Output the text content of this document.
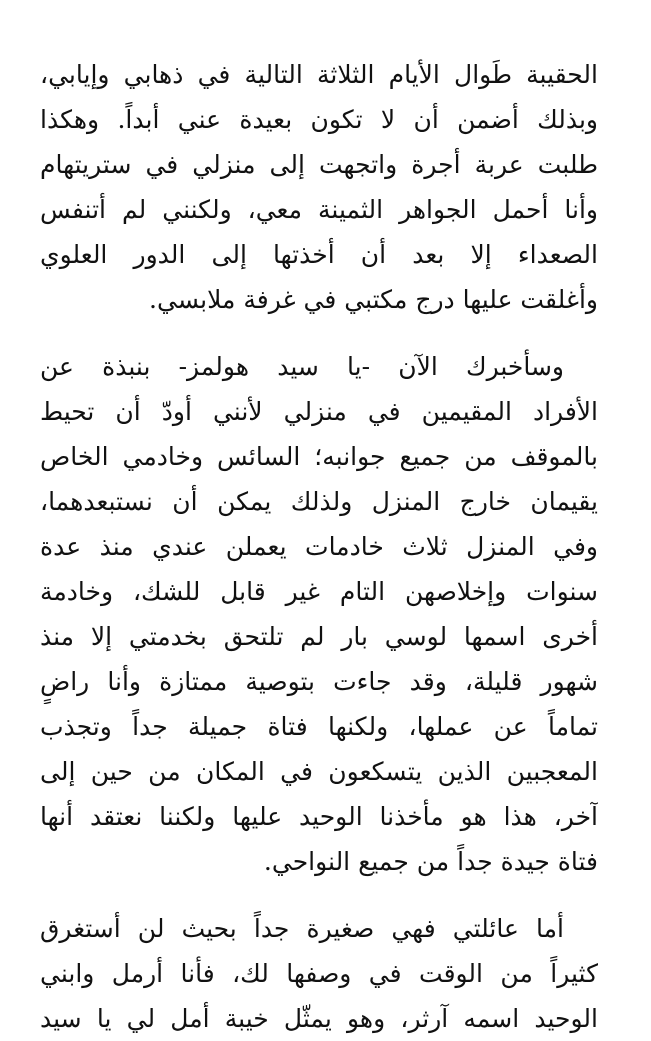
الحقيبة طَوال الأيام الثلاثة التالية في ذهابي وإيابي،
وبذلك أضمن أن لا تكون بعيدة عني أبداً. وهكذا
طلبت عربة أجرة واتجهت إلى منزلي في ستريتهام
وأنا أحمل الجواهر الثمينة معي، ولكنني لم أتنفس
الصعداء إلا بعد أن أخذتها إلى الدور العلوي
وأغلقت عليها درج مكتبي في غرفة ملابسي.
وسأخبرك الآن -يا سيد هولمز- بنبذة عن
الأفراد المقيمين في منزلي لأنني أودّ أن تحيط
بالموقف من جميع جوانبه؛ السائس وخادمي الخاص
يقيمان خارج المنزل ولذلك يمكن أن نستبعدهما،
وفي المنزل ثلاث خادمات يعملن عندي منذ عدة
سنوات وإخلاصهن التام غير قابل للشك، وخادمة
أخرى اسمها لوسي بار لم تلتحق بخدمتي إلا منذ
شهور قليلة، وقد جاءت بتوصية ممتازة وأنا راضٍ
تماماً عن عملها، ولكنها فتاة جميلة جداً وتجذب
المعجبين الذين يتسكعون في المكان من حين إلى
آخر، هذا هو مأخذنا الوحيد عليها ولكننا نعتقد أنها
فتاة جيدة جداً من جميع النواحي.
أما عائلتي فهي صغيرة جداً بحيث لن أستغرق
كثيراً من الوقت في وصفها لك، فأنا أرمل وابني
الوحيد اسمه آرثر، وهو يمثّل خيبة أمل لي يا سيد
